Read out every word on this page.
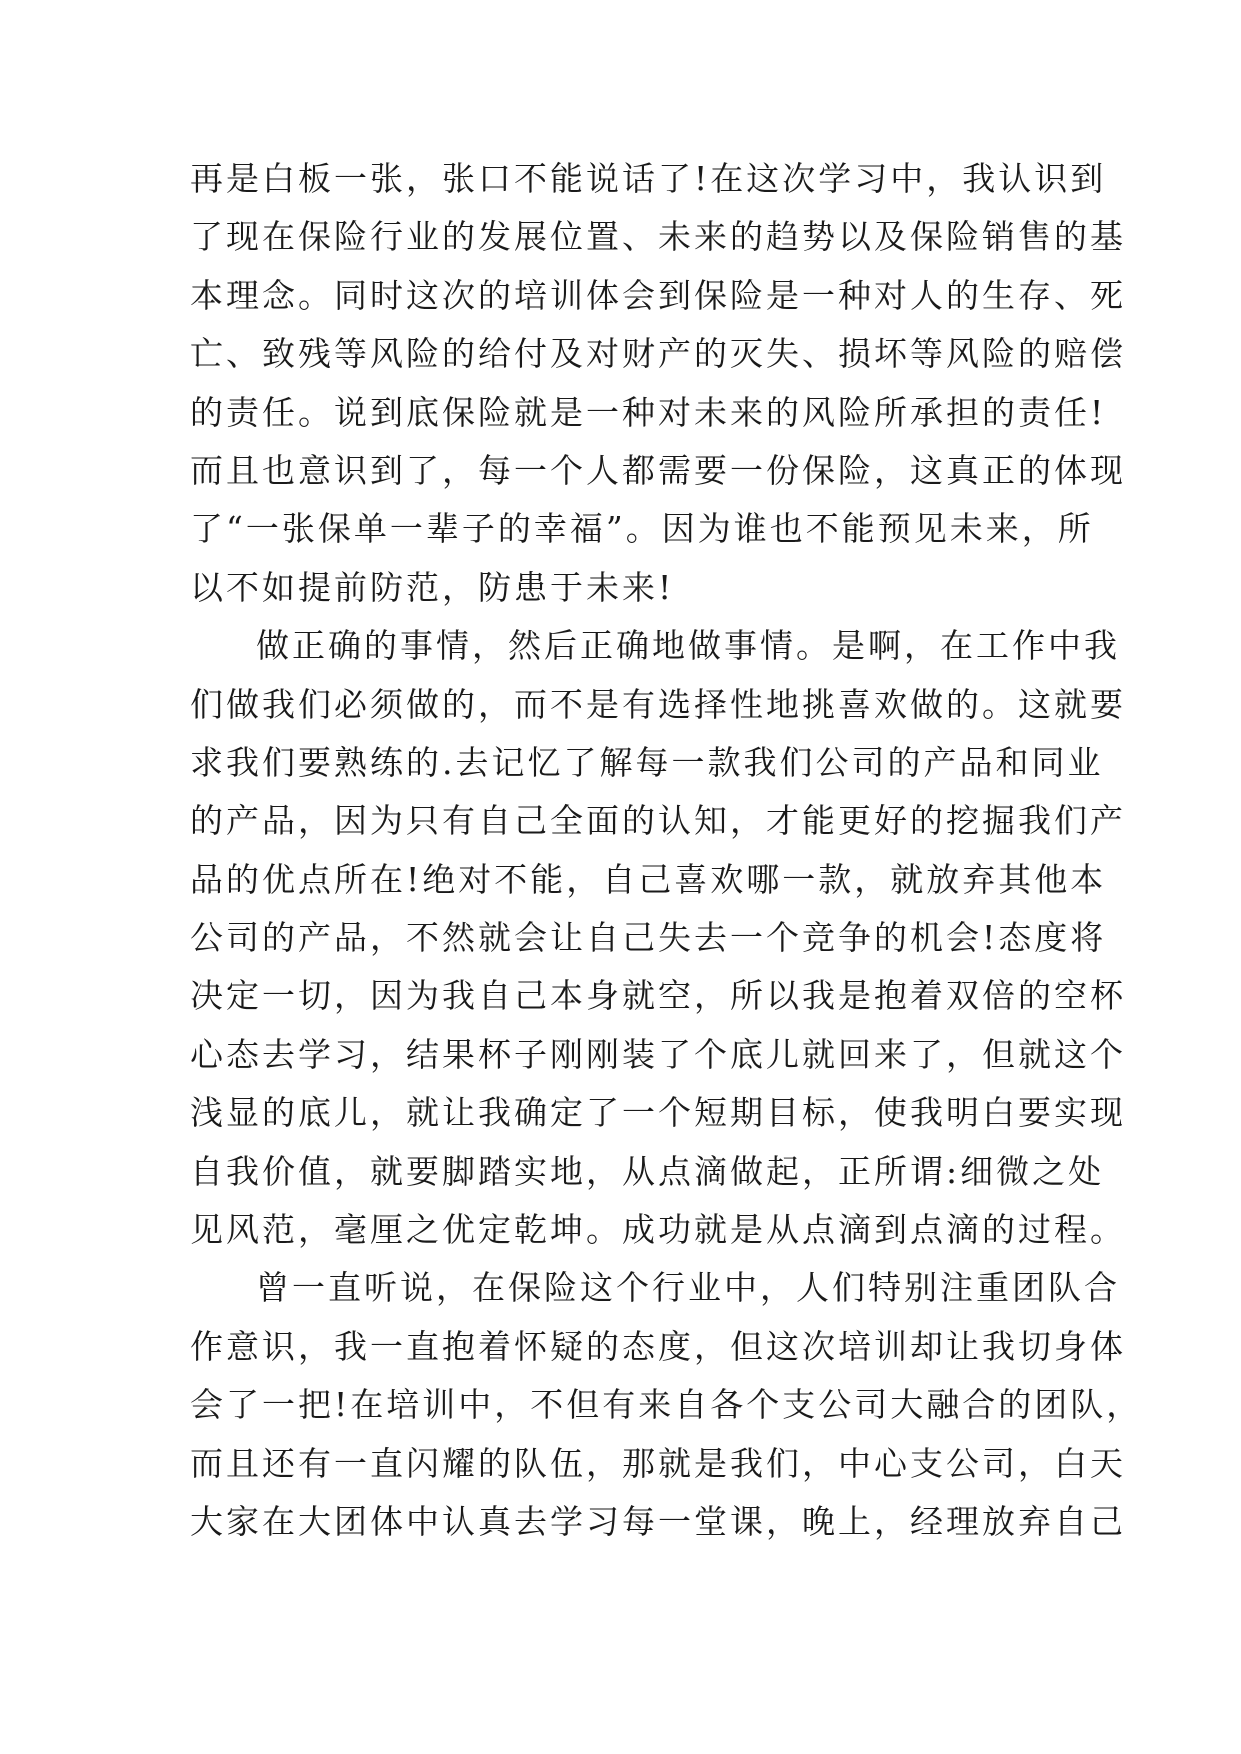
再是白板一张，张口不能说话了!在这次学习中，我认识到
了现在保险行业的发展位置、未来的趋势以及保险销售的基
本理念。同时这次的培训体会到保险是一种对人的生存、死
亡、致残等风险的给付及对财产的灭失、损坏等风险的赔偿
的责任。说到底保险就是一种对未来的风险所承担的责任!
而且也意识到了，每一个人都需要一份保险，这真正的体现
了“一张保单一辈子的幸福”。因为谁也不能预见未来，所
以不如提前防范，防患于未来!
做正确的事情，然后正确地做事情。是啊，在工作中我
们做我们必须做的，而不是有选择性地挑喜欢做的。这就要
求我们要熟练的.去记忆了解每一款我们公司的产品和同业
的产品，因为只有自己全面的认知，才能更好的挖掘我们产
品的优点所在!绝对不能，自己喜欢哪一款，就放弃其他本
公司的产品，不然就会让自己失去一个竞争的机会!态度将
决定一切，因为我自己本身就空，所以我是抱着双倍的空杯
心态去学习，结果杯子刚刚装了个底儿就回来了，但就这个
浅显的底儿，就让我确定了一个短期目标，使我明白要实现
自我价值，就要脚踏实地，从点滴做起，正所谓:细微之处
见风范，毫厘之优定乾坤。成功就是从点滴到点滴的过程。
曾一直听说，在保险这个行业中，人们特别注重团队合
作意识，我一直抱着怀疑的态度，但这次培训却让我切身体
会了一把!在培训中，不但有来自各个支公司大融合的团队，
而且还有一直闪耀的队伍，那就是我们，中心支公司，白天
大家在大团体中认真去学习每一堂课，晚上，经理放弃自己
